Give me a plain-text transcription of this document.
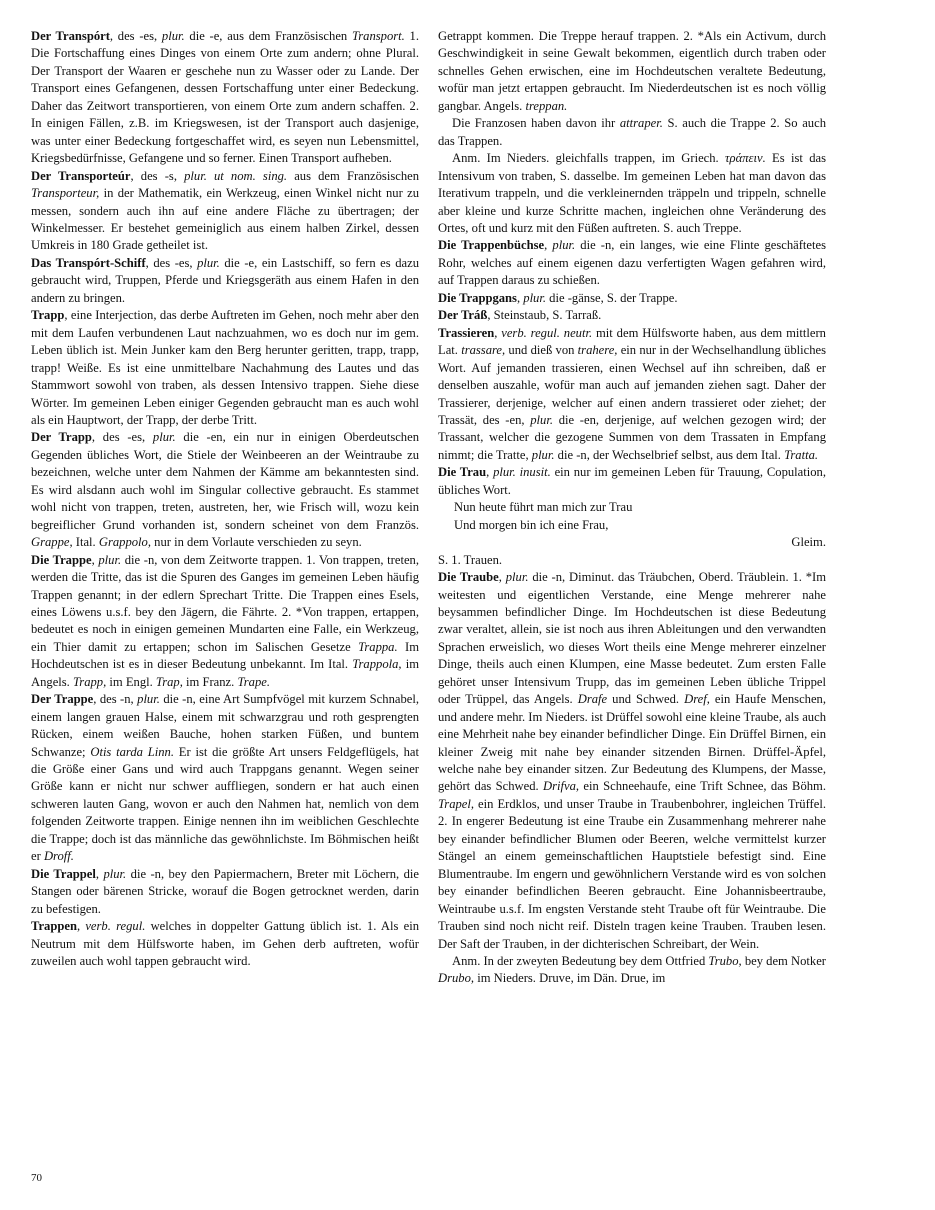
Der Transpórt, des -es, plur. die -e, aus dem Französischen Transport. 1. Die Fortschaffung eines Dinges von einem Orte zum andern; ohne Plural. Der Transport der Waaren er geschehe nun zu Wasser oder zu Lande. Der Transport eines Gefangenen, dessen Fortschaffung unter einer Bedeckung. Daher das Zeitwort transportieren, von einem Orte zum andern schaffen. 2. In einigen Fällen, z.B. im Kriegswesen, ist der Transport auch dasjenige, was unter einer Bedeckung fortgeschaffet wird, es seyen nun Lebensmittel, Kriegsbedürfnisse, Gefangene und so ferner. Einen Transport aufheben.

Der Transporteúr, des -s, plur. ut nom. sing. aus dem Französischen Transporteur, in der Mathematik, ein Werkzeug, einen Winkel nicht nur zu messen, sondern auch ihn auf eine andere Fläche zu übertragen; der Winkelmesser. Er bestehet gemeiniglich aus einem halben Zirkel, dessen Umkreis in 180 Grade getheilet ist.

Das Transpórt-Schiff, des -es, plur. die -e, ein Lastschiff, so fern es dazu gebraucht wird, Truppen, Pferde und Kriegsgeräth aus einem Hafen in den andern zu bringen.

Trapp, eine Interjection, das derbe Auftreten im Gehen, noch mehr aber den mit dem Laufen verbundenen Laut nachzuahmen, wo es doch nur im gem. Leben üblich ist. Mein Junker kam den Berg herunter geritten, trapp, trapp, trapp! Weiße. Es ist eine unmittelbare Nachahmung des Lautes und das Stammwort sowohl von traben, als dessen Intensivo trappen. Siehe diese Wörter. Im gemeinen Leben einiger Gegenden gebraucht man es auch wohl als ein Hauptwort, der Trapp, der derbe Tritt.

Der Trapp, des -es, plur. die -en, ein nur in einigen Oberdeutschen Gegenden übliches Wort, die Stiele der Weinbeeren an der Weintraube zu bezeichnen, welche unter dem Nahmen der Kämme am bekanntesten sind. Es wird alsdann auch wohl im Singular collective gebraucht. Es stammet wohl nicht von trappen, treten, austreten, her, wie Frisch will, wozu kein begreiflicher Grund vorhanden ist, sondern scheinet von dem Französ. Grappe, Ital. Grappolo, nur in dem Vorlaute verschieden zu seyn.

Die Trappe, plur. die -n, von dem Zeitworte trappen. 1. Von trappen, treten, werden die Tritte, das ist die Spuren des Ganges im gemeinen Leben häufig Trappen genannt; in der edlern Sprechart Tritte. Die Trappen eines Esels, eines Löwens u.s.f. bey den Jägern, die Fährte. 2. *Von trappen, ertappen, bedeutet es noch in einigen gemeinen Mundarten eine Falle, ein Werkzeug, ein Thier damit zu ertappen; schon im Salischen Gesetze Trappa. Im Hochdeutschen ist es in dieser Bedeutung unbekannt. Im Ital. Trappola, im Angels. Trapp, im Engl. Trap, im Franz. Trape.

Der Trappe, des -n, plur. die -n, eine Art Sumpfvögel mit kurzem Schnabel, einem langen grauen Halse, einem mit schwarzgrau und roth gesprengten Rücken, einem weißen Bauche, hohen starken Füßen, und buntem Schwanze; Otis tarda Linn. Er ist die größte Art unsers Feldgeflügels, hat die Größe einer Gans und wird auch Trappgans genannt. Wegen seiner Größe kann er nicht nur schwer auffliegen, sondern er hat auch einen schweren lauten Gang, wovon er auch den Nahmen hat, nemlich von dem folgenden Zeitworte trappen. Einige nennen ihn im weiblichen Geschlechte die Trappe; doch ist das männliche das gewöhnlichste. Im Böhmischen heißt er Droff.

Die Trappel, plur. die -n, bey den Papiermachern, Breter mit Löchern, die Stangen oder bärenen Stricke, worauf die Bogen getrocknet werden, darin zu befestigen.

Trappen, verb. regul. welches in doppelter Gattung üblich ist. 1. Als ein Neutrum mit dem Hülfsworte haben, im Gehen derb auftreten, wofür zuweilen auch wohl tappen gebraucht wird.

Getrappt kommen. Die Treppe herauf trappen. 2. *Als ein Activum, durch Geschwindigkeit in seine Gewalt bekommen, eigentlich durch traben oder schnelles Gehen erwischen, eine im Hochdeutschen veraltete Bedeutung, wofür man jetzt ertappen gebraucht. Im Niederdeutschen ist es noch völlig gangbar. Angels. treppan.

Die Franzosen haben davon ihr attraper. S. auch die Trappe 2. So auch das Trappen.

Anm. Im Nieders. gleichfalls trappen, im Griech. τράπειν. Es ist das Intensivum von traben, S. dasselbe. Im gemeinen Leben hat man davon das Iterativum trappeln, und die verkleinernden träppeln und trippeln, schnelle aber kleine und kurze Schritte machen, ingleichen ohne Veränderung des Ortes, oft und kurz mit den Füßen auftreten. S. auch Treppe.

Die Trappenbüchse, plur. die -n, ein langes, wie eine Flinte geschäftetes Rohr, welches auf einem eigenen dazu verfertigten Wagen gefahren wird, auf Trappen daraus zu schießen.

Die Trappgans, plur. die -gänse, S. der Trappe.

Der Tráß, Steinstaub, S. Tarraß.

Trassieren, verb. regul. neutr. mit dem Hülfsworte haben, aus dem mittlern Lat. trassare, und dieß von trahere, ein nur in der Wechselhandlung übliches Wort. Auf jemanden trassieren, einen Wechsel auf ihn schreiben, daß er denselben auszahle, wofür man auch auf jemanden ziehen sagt. Daher der Trassierer, derjenige, welcher auf einen andern trassieret oder ziehet; der Trassät, des -en, plur. die -en, derjenige, auf welchen gezogen wird; der Trassant, welcher die gezogene Summen von dem Trassaten in Empfang nimmt; die Tratte, plur. die -n, der Wechselbrief selbst, aus dem Ital. Tratta.

Die Trau, plur. inusit. ein nur im gemeinen Leben für Trauung, Copulation, übliches Wort.

Nun heute führt man mich zur Trau

Und morgen bin ich eine Frau,

Gleim.

S. 1. Trauen.

Die Traube, plur. die -n, Diminut. das Träubchen, Oberd. Träublein. 1. *Im weitesten und eigentlichen Verstande, eine Menge mehrerer nahe beysammen befindlicher Dinge. Im Hochdeutschen ist diese Bedeutung zwar veraltet, allein, sie ist noch aus ihren Ableitungen und den verwandten Sprachen erweislich, wo dieses Wort theils eine Menge mehrerer einzelner Dinge, theils auch einen Klumpen, eine Masse bedeutet. Zum ersten Falle gehöret unser Intensivum Trupp, das im gemeinen Leben übliche Trippel oder Trüppel, das Angels. Drafe und Schwed. Dref, ein Haufe Menschen, und andere mehr. Im Nieders. ist Drüffel sowohl eine kleine Traube, als auch eine Mehrheit nahe bey einander befindlicher Dinge. Ein Drüffel Birnen, ein kleiner Zweig mit nahe bey einander sitzenden Birnen. Drüffel-Äpfel, welche nahe bey einander sitzen. Zur Bedeutung des Klumpens, der Masse, gehört das Schwed. Drifva, ein Schneehaufe, eine Trift Schnee, das Böhm. Trapel, ein Erdklos, und unser Traube in Traubenbohrer, ingleichen Trüffel. 2. In engerer Bedeutung ist eine Traube ein Zusammenhang mehrerer nahe bey einander befindlicher Blumen oder Beeren, welche vermittelst kurzer Stängel an einem gemeinschaftlichen Hauptstiele befestigt sind. Eine Blumentraube. Im engern und gewöhnlichern Verstande wird es von solchen bey einander befindlichen Beeren gebraucht. Eine Johannisbeertraube, Weintraube u.s.f. Im engsten Verstande steht Traube oft für Weintraube. Die Trauben sind noch nicht reif. Disteln tragen keine Trauben. Trauben lesen. Der Saft der Trauben, in der dichterischen Schreibart, der Wein.

Anm. In der zweyten Bedeutung bey dem Ottfried Trubo, bey dem Notker Drubo, im Nieders. Druve, im Dän. Drue, im

70
